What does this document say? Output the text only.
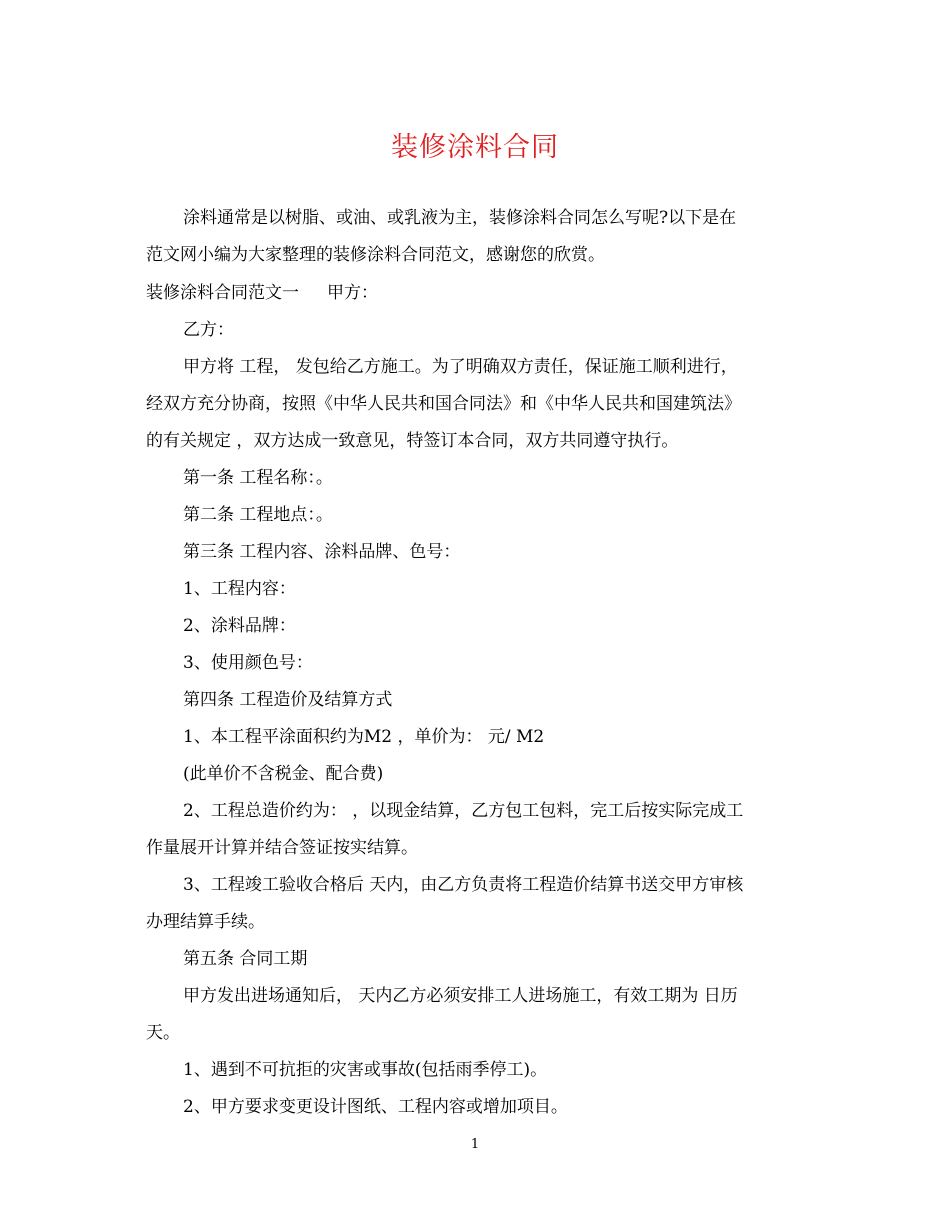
装修涂料合同
涂料通常是以树脂、或油、或乳液为主，装修涂料合同怎么写呢?以下是在
范文网小编为大家整理的装修涂料合同范文，感谢您的欣赏。
装修涂料合同范文一 甲方：
乙方：
甲方将 工程， 发包给乙方施工。为了明确双方责任，保证施工顺利进行，
经双方充分协商，按照《中华人民共和国合同法》和《中华人民共和国建筑法》
的有关规定 ，双方达成一致意见，特签订本合同，双方共同遵守执行。
第一条 工程名称：。
第二条 工程地点：。
第三条 工程内容、涂料品牌、色号：
1、工程内容：
2、涂料品牌：
3、使用颜色号：
第四条 工程造价及结算方式
1、本工程平涂面积约为M2 ，单价为： 元/ M2
(此单价不含税金、配合费)
2、工程总造价约为： ，以现金结算，乙方包工包料，完工后按实际完成工
作量展开计算并结合签证按实结算。
3、工程竣工验收合格后 天内，由乙方负责将工程造价结算书送交甲方审核
办理结算手续。
第五条 合同工期
甲方发出进场通知后， 天内乙方必须安排工人进场施工，有效工期为 日历
天。
1、遇到不可抗拒的灾害或事故(包括雨季停工)。
2、甲方要求变更设计图纸、工程内容或增加项目。
1
